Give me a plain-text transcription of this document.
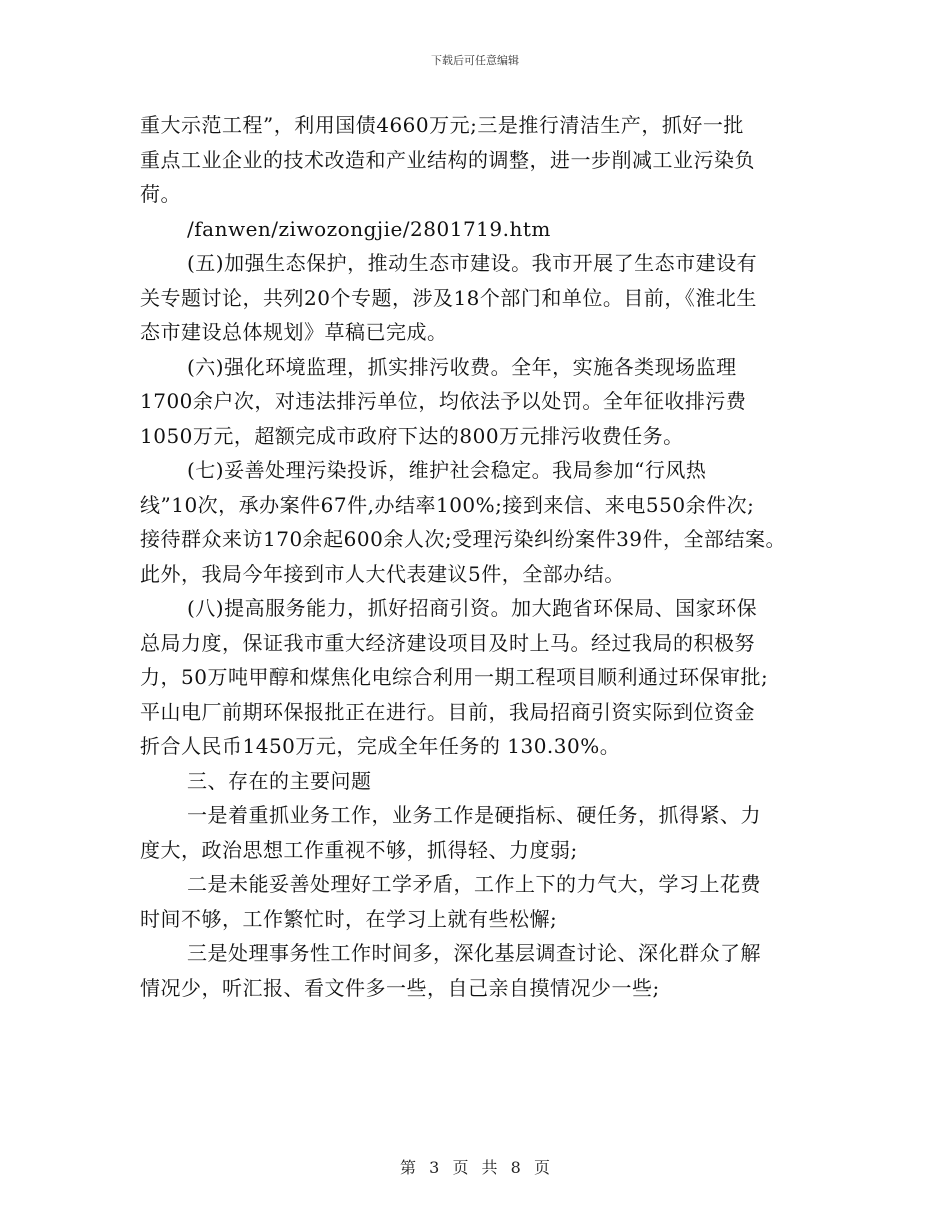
下载后可任意编辑
重大示范工程”，利用国债4660万元;三是推行清洁生产，抓好一批
重点工业企业的技术改造和产业结构的调整，进一步削减工业污染负
荷。
/fanwen/ziwozongjie/2801719.htm
(五)加强生态保护，推动生态市建设。我市开展了生态市建设有
关专题讨论，共列20个专题，涉及18个部门和单位。目前，《淮北生
态市建设总体规划》草稿已完成。
(六)强化环境监理，抓实排污收费。全年，实施各类现场监理
1700余户次，对违法排污单位，均依法予以处罚。全年征收排污费
1050万元，超额完成市政府下达的800万元排污收费任务。
(七)妥善处理污染投诉，维护社会稳定。我局参加“行风热
线”10次，承办案件67件,办结率100%;接到来信、来电550余件次;
接待群众来访170余起600余人次;受理污染纠纷案件39件，全部结案。
此外，我局今年接到市人大代表建议5件，全部办结。
(八)提高服务能力，抓好招商引资。加大跑省环保局、国家环保
总局力度，保证我市重大经济建设项目及时上马。经过我局的积极努
力，50万吨甲醇和煤焦化电综合利用一期工程项目顺利通过环保审批;
平山电厂前期环保报批正在进行。目前，我局招商引资实际到位资金
折合人民币1450万元，完成全年任务的 130.30%。
三、存在的主要问题
一是着重抓业务工作，业务工作是硬指标、硬任务，抓得紧、力
度大，政治思想工作重视不够，抓得轻、力度弱;
二是未能妥善处理好工学矛盾，工作上下的力气大，学习上花费
时间不够，工作繁忙时，在学习上就有些松懈;
三是处理事务性工作时间多，深化基层调查讨论、深化群众了解
情况少，听汇报、看文件多一些，自己亲自摸情况少一些;
第 3 页 共 8 页
